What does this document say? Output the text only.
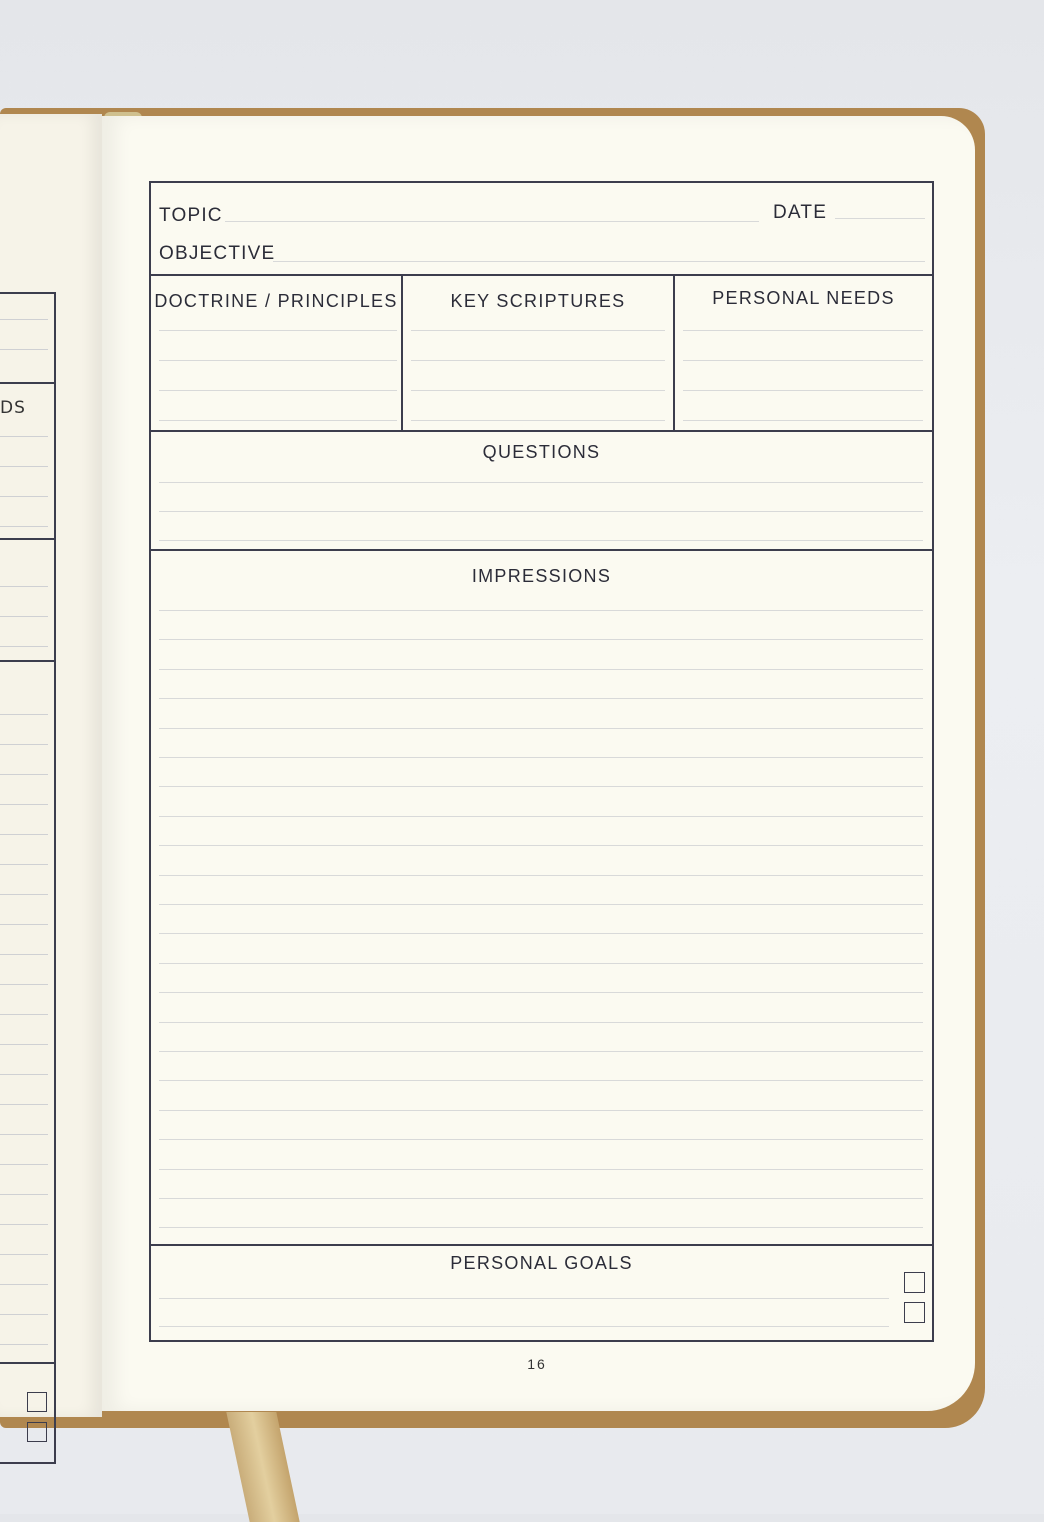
DS
TOPIC	DATE
OBJECTIVE
DOCTRINE / PRINCIPLES	KEY SCRIPTURES	PERSONAL NEEDS
QUESTIONS
IMPRESSIONS
PERSONAL GOALS
16
